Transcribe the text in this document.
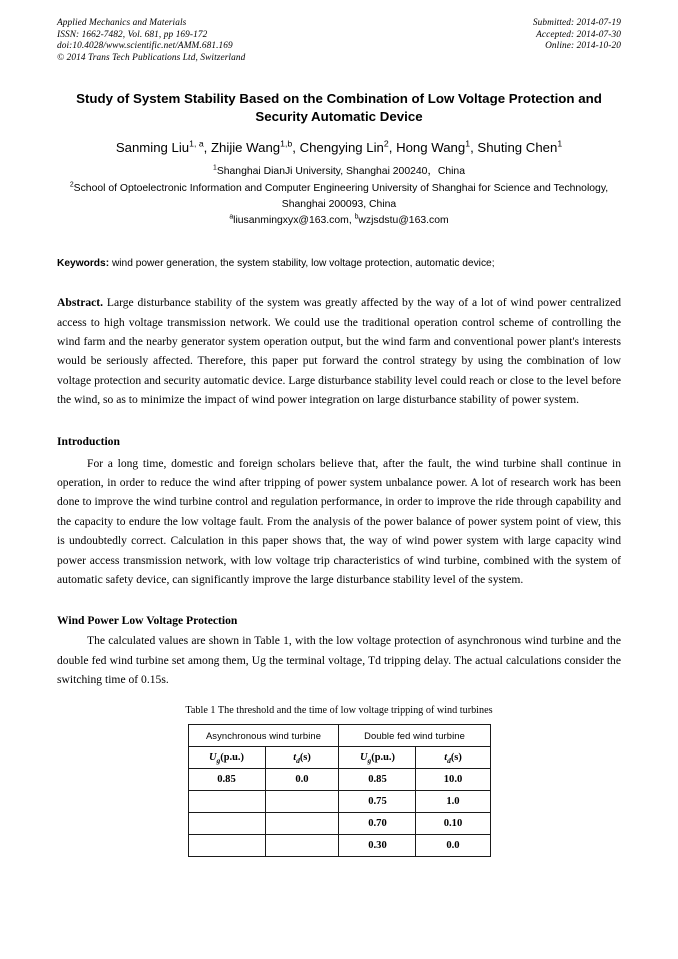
Applied Mechanics and Materials
ISSN: 1662-7482, Vol. 681, pp 169-172
doi:10.4028/www.scientific.net/AMM.681.169
© 2014 Trans Tech Publications Ltd, Switzerland
Submitted: 2014-07-19
Accepted: 2014-07-30
Online: 2014-10-20
Study of System Stability Based on the Combination of Low Voltage Protection and Security Automatic Device
Sanming Liu$^{1, a}$, Zhijie Wang$^{1,b}$, Chengying Lin$^2$, Hong Wang$^1$, Shuting Chen$^1$
$^1$Shanghai DianJi University, Shanghai 200240，China
$^2$School of Optoelectronic Information and Computer Engineering University of Shanghai for Science and Technology, Shanghai 200093, China
$^a$liusanmingxyx@163.com, $^b$wzjsdstu@163.com
Keywords: wind power generation, the system stability, low voltage protection, automatic device;
Abstract. Large disturbance stability of the system was greatly affected by the way of a lot of wind power centralized access to high voltage transmission network. We could use the traditional operation control scheme of controlling the wind farm and the nearby generator system operation output, but the wind farm and conventional power plant's interests would be seriously affected. Therefore, this paper put forward the control strategy by using the combination of low voltage protection and security automatic device. Large disturbance stability level could reach or close to the level before the wind, so as to minimize the impact of wind power integration on large disturbance stability of power system.
Introduction
For a long time, domestic and foreign scholars believe that, after the fault, the wind turbine shall continue in operation, in order to reduce the wind after tripping of power system unbalance power. A lot of research work has been done to improve the wind turbine control and regulation performance, in order to improve the ride through capability and the capacity to endure the low voltage fault. From the analysis of the power balance of power system point of view, this is undoubtedly correct. Calculation in this paper shows that, the way of wind power system with large capacity wind power access transmission network, with low voltage trip characteristics of wind turbine, combined with the system of automatic safety device, can significantly improve the large disturbance stability level of the system.
Wind Power Low Voltage Protection
The calculated values are shown in Table 1, with the low voltage protection of asynchronous wind turbine and the double fed wind turbine set among them, Ug the terminal voltage, Td tripping delay. The actual calculations consider the switching time of 0.15s.
Table 1 The threshold and the time of low voltage tripping of wind turbines
Asynchronous wind turbine		Double fed wind turbine	
$U_g(p.u.)$	$t_d(s)$	$U_g(p.u.)$	$t_d(s)$
0.85	0.0	0.85	10.0
		0.75	1.0
		0.70	0.10
		0.30	0.0
